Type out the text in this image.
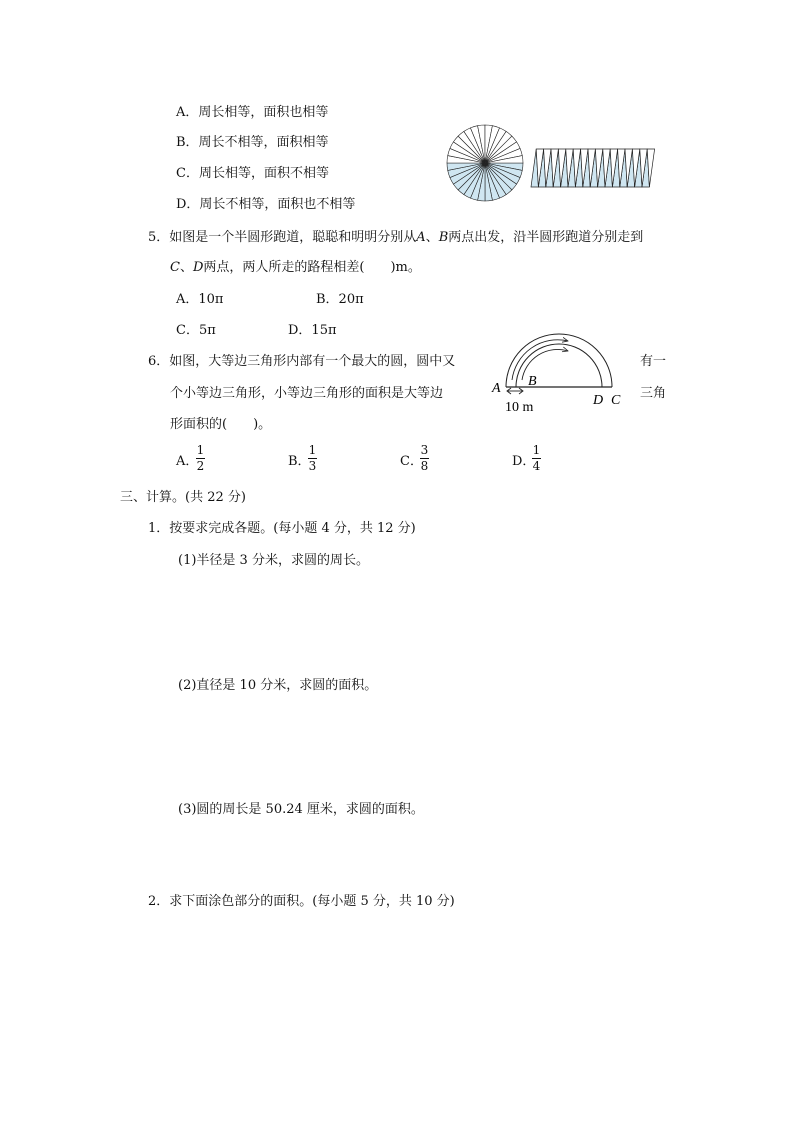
A．周长相等，面积也相等
B．周长不相等，面积相等
C．周长相等，面积不相等
D．周长不相等，面积也不相等
5．如图是一个半圆形跑道，聪聪和明明分别从A、B两点出发，沿半圆形跑道分别走到
C、D两点，两人所走的路程相差(　　)m。
A．10π	B．20π
C．5π	D．15π
A B
10 m	D C
6．如图，大等边三角形内部有一个最大的圆，圆中又	有一
个小等边三角形，小等边三角形的面积是大等边	三角
形面积的(　　)。
A．
1
2	B．
1
3	C．
3
8	D．
1
4
三、计算。(共 22 分)
1．按要求完成各题。(每小题 4 分，共 12 分)
(1)半径是 3 分米，求圆的周长。
(2)直径是 10 分米，求圆的面积。
(3)圆的周长是 50.24 厘米，求圆的面积。
2．求下面涂色部分的面积。(每小题 5 分，共 10 分)
